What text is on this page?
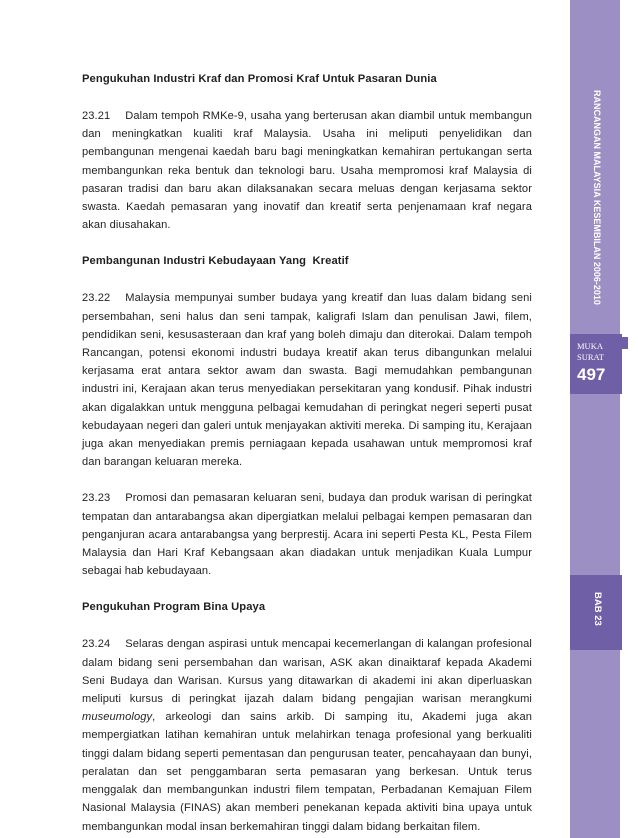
RANCANGAN MALAYSIA KESEMBILAN 2006-2010
MUKA
SURAT
497
BAB 23
Pengukuhan Industri Kraf dan Promosi Kraf Untuk Pasaran Dunia

23.21 Dalam tempoh RMKe-9, usaha yang berterusan akan diambil untuk membangun dan meningkatkan kualiti kraf Malaysia. Usaha ini meliputi penyelidikan dan pembangunan mengenai kaedah baru bagi meningkatkan kemahiran pertukangan serta membangunkan reka bentuk dan teknologi baru. Usaha mempromosi kraf Malaysia di pasaran tradisi dan baru akan dilaksanakan secara meluas dengan kerjasama sektor swasta. Kaedah pemasaran yang inovatif dan kreatif serta penjenamaan kraf negara akan diusahakan.

Pembangunan Industri Kebudayaan Yang  Kreatif

23.22 Malaysia mempunyai sumber budaya yang kreatif dan luas dalam bidang seni persembahan, seni halus dan seni tampak, kaligrafi Islam dan penulisan Jawi, filem, pendidikan seni, kesusasteraan dan kraf yang boleh dimaju dan diterokai. Dalam tempoh Rancangan, potensi ekonomi industri budaya kreatif akan terus dibangunkan melalui kerjasama erat antara sektor awam dan swasta. Bagi memudahkan pembangunan industri ini, Kerajaan akan terus menyediakan persekitaran yang kondusif. Pihak industri akan digalakkan untuk mengguna pelbagai kemudahan di peringkat negeri seperti pusat kebudayaan negeri dan galeri untuk menjayakan aktiviti mereka. Di samping itu, Kerajaan juga akan menyediakan premis perniagaan kepada usahawan untuk mempromosi kraf dan barangan keluaran mereka.

23.23 Promosi dan pemasaran keluaran seni, budaya dan produk warisan di peringkat tempatan dan antarabangsa akan dipergiatkan melalui pelbagai kempen pemasaran dan penganjuran acara antarabangsa yang berprestij. Acara ini seperti Pesta KL, Pesta Filem Malaysia dan Hari Kraf Kebangsaan akan diadakan untuk menjadikan Kuala Lumpur sebagai hab kebudayaan.

Pengukuhan Program Bina Upaya

23.24 Selaras dengan aspirasi untuk mencapai kecemerlangan di kalangan profesional dalam bidang seni persembahan dan warisan, ASK akan dinaiktaraf kepada Akademi Seni Budaya dan Warisan. Kursus yang ditawarkan di akademi ini akan diperluaskan meliputi kursus di peringkat ijazah dalam bidang pengajian warisan merangkumi museumology, arkeologi dan sains arkib. Di samping itu, Akademi juga akan mempergiatkan latihan kemahiran untuk melahirkan tenaga profesional yang berkualiti tinggi dalam bidang seperti pementasan dan pengurusan teater, pencahayaan dan bunyi, peralatan dan set penggambaran serta pemasaran yang berkesan. Untuk terus menggalak dan membangunkan industri filem tempatan, Perbadanan Kemajuan Filem Nasional Malaysia (FINAS) akan memberi penekanan kepada aktiviti bina upaya untuk membangunkan modal insan berkemahiran tinggi dalam bidang berkaitan filem.
